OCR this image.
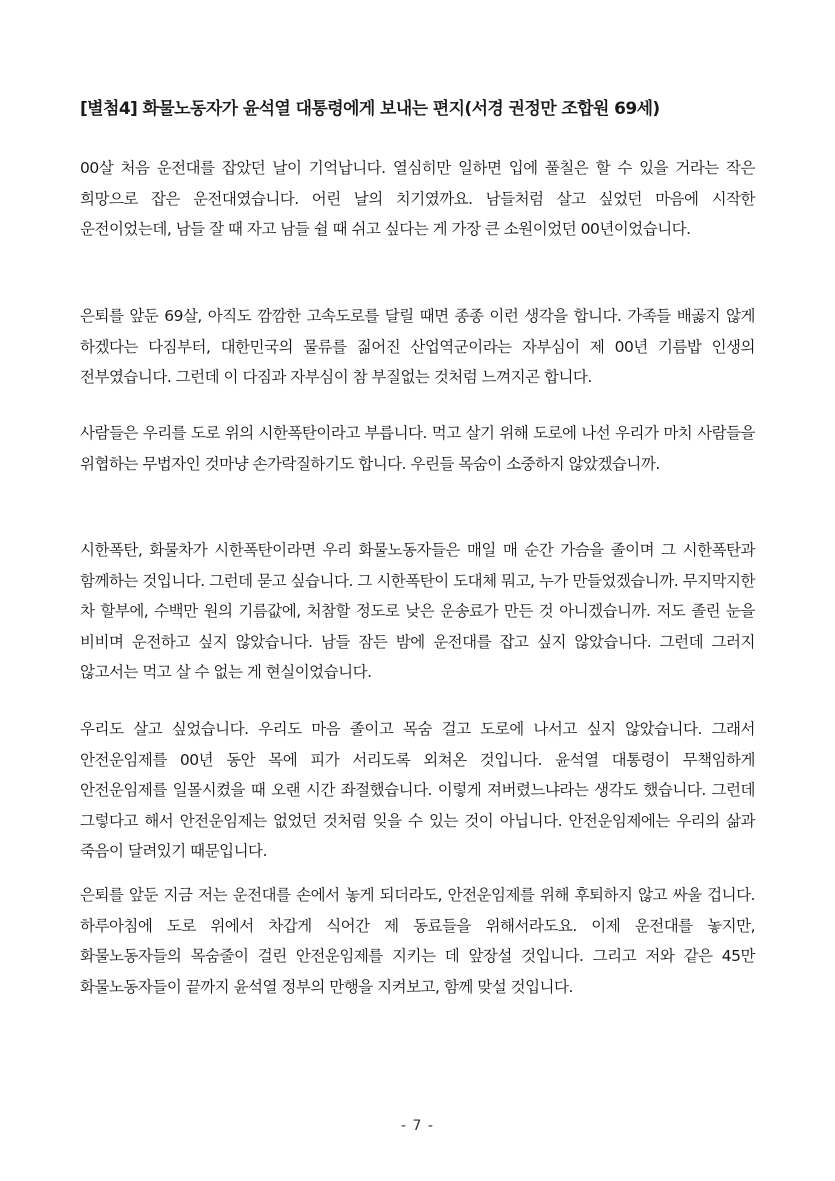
[별첨4] 화물노동자가 윤석열 대통령에게 보내는 편지(서경 권정만 조합원 69세)

00살 처음 운전대를 잡았던 날이 기억납니다. 열심히만 일하면 입에 풀칠은 할 수 있을 거라는 작은 희망으로 잡은 운전대였습니다. 어린 날의 치기였까요. 남들처럼 살고 싶었던 마음에 시작한 운전이었는데, 남들 잘 때 자고 남들 쉴 때 쉬고 싶다는 게 가장 큰 소원이었던 00년이었습니다.

은퇴를 앞둔 69살, 아직도 깜깜한 고속도로를 달릴 때면 종종 이런 생각을 합니다. 가족들 배곯지 않게 하겠다는 다짐부터, 대한민국의 물류를 짊어진 산업역군이라는 자부심이 제 00년 기름밥 인생의 전부였습니다. 그런데 이 다짐과 자부심이 참 부질없는 것처럼 느껴지곤 합니다.

사람들은 우리를 도로 위의 시한폭탄이라고 부릅니다. 먹고 살기 위해 도로에 나선 우리가 마치 사람들을 위협하는 무법자인 것마냥 손가락질하기도 합니다. 우린들 목숨이 소중하지 않았겠습니까.

시한폭탄, 화물차가 시한폭탄이라면 우리 화물노동자들은 매일 매 순간 가슴을 졸이며 그 시한폭탄과 함께하는 것입니다. 그런데 묻고 싶습니다. 그 시한폭탄이 도대체 뭐고, 누가 만들었겠습니까. 무지막지한 차 할부에, 수백만 원의 기름값에, 처참할 정도로 낮은 운송료가 만든 것 아니겠습니까. 저도 졸린 눈을 비비며 운전하고 싶지 않았습니다. 남들 잠든 밤에 운전대를 잡고 싶지 않았습니다. 그런데 그러지 않고서는 먹고 살 수 없는 게 현실이었습니다.

우리도 살고 싶었습니다. 우리도 마음 졸이고 목숨 걸고 도로에 나서고 싶지 않았습니다. 그래서 안전운임제를 00년 동안 목에 피가 서리도록 외쳐온 것입니다. 윤석열 대통령이 무책임하게 안전운임제를 일몰시켰을 때 오랜 시간 좌절했습니다. 이렇게 져버렸느냐라는 생각도 했습니다. 그런데 그렇다고 해서 안전운임제는 없었던 것처럼 잊을 수 있는 것이 아닙니다. 안전운임제에는 우리의 삶과 죽음이 달려있기 때문입니다.

은퇴를 앞둔 지금 저는 운전대를 손에서 놓게 되더라도, 안전운임제를 위해 후퇴하지 않고 싸울 겁니다. 하루아침에 도로 위에서 차갑게 식어간 제 동료들을 위해서라도요. 이제 운전대를 놓지만, 화물노동자들의 목숨줄이 걸린 안전운임제를 지키는 데 앞장설 것입니다. 그리고 저와 같은 45만 화물노동자들이 끝까지 윤석열 정부의 만행을 지켜보고, 함께 맞설 것입니다.

- 7 -
